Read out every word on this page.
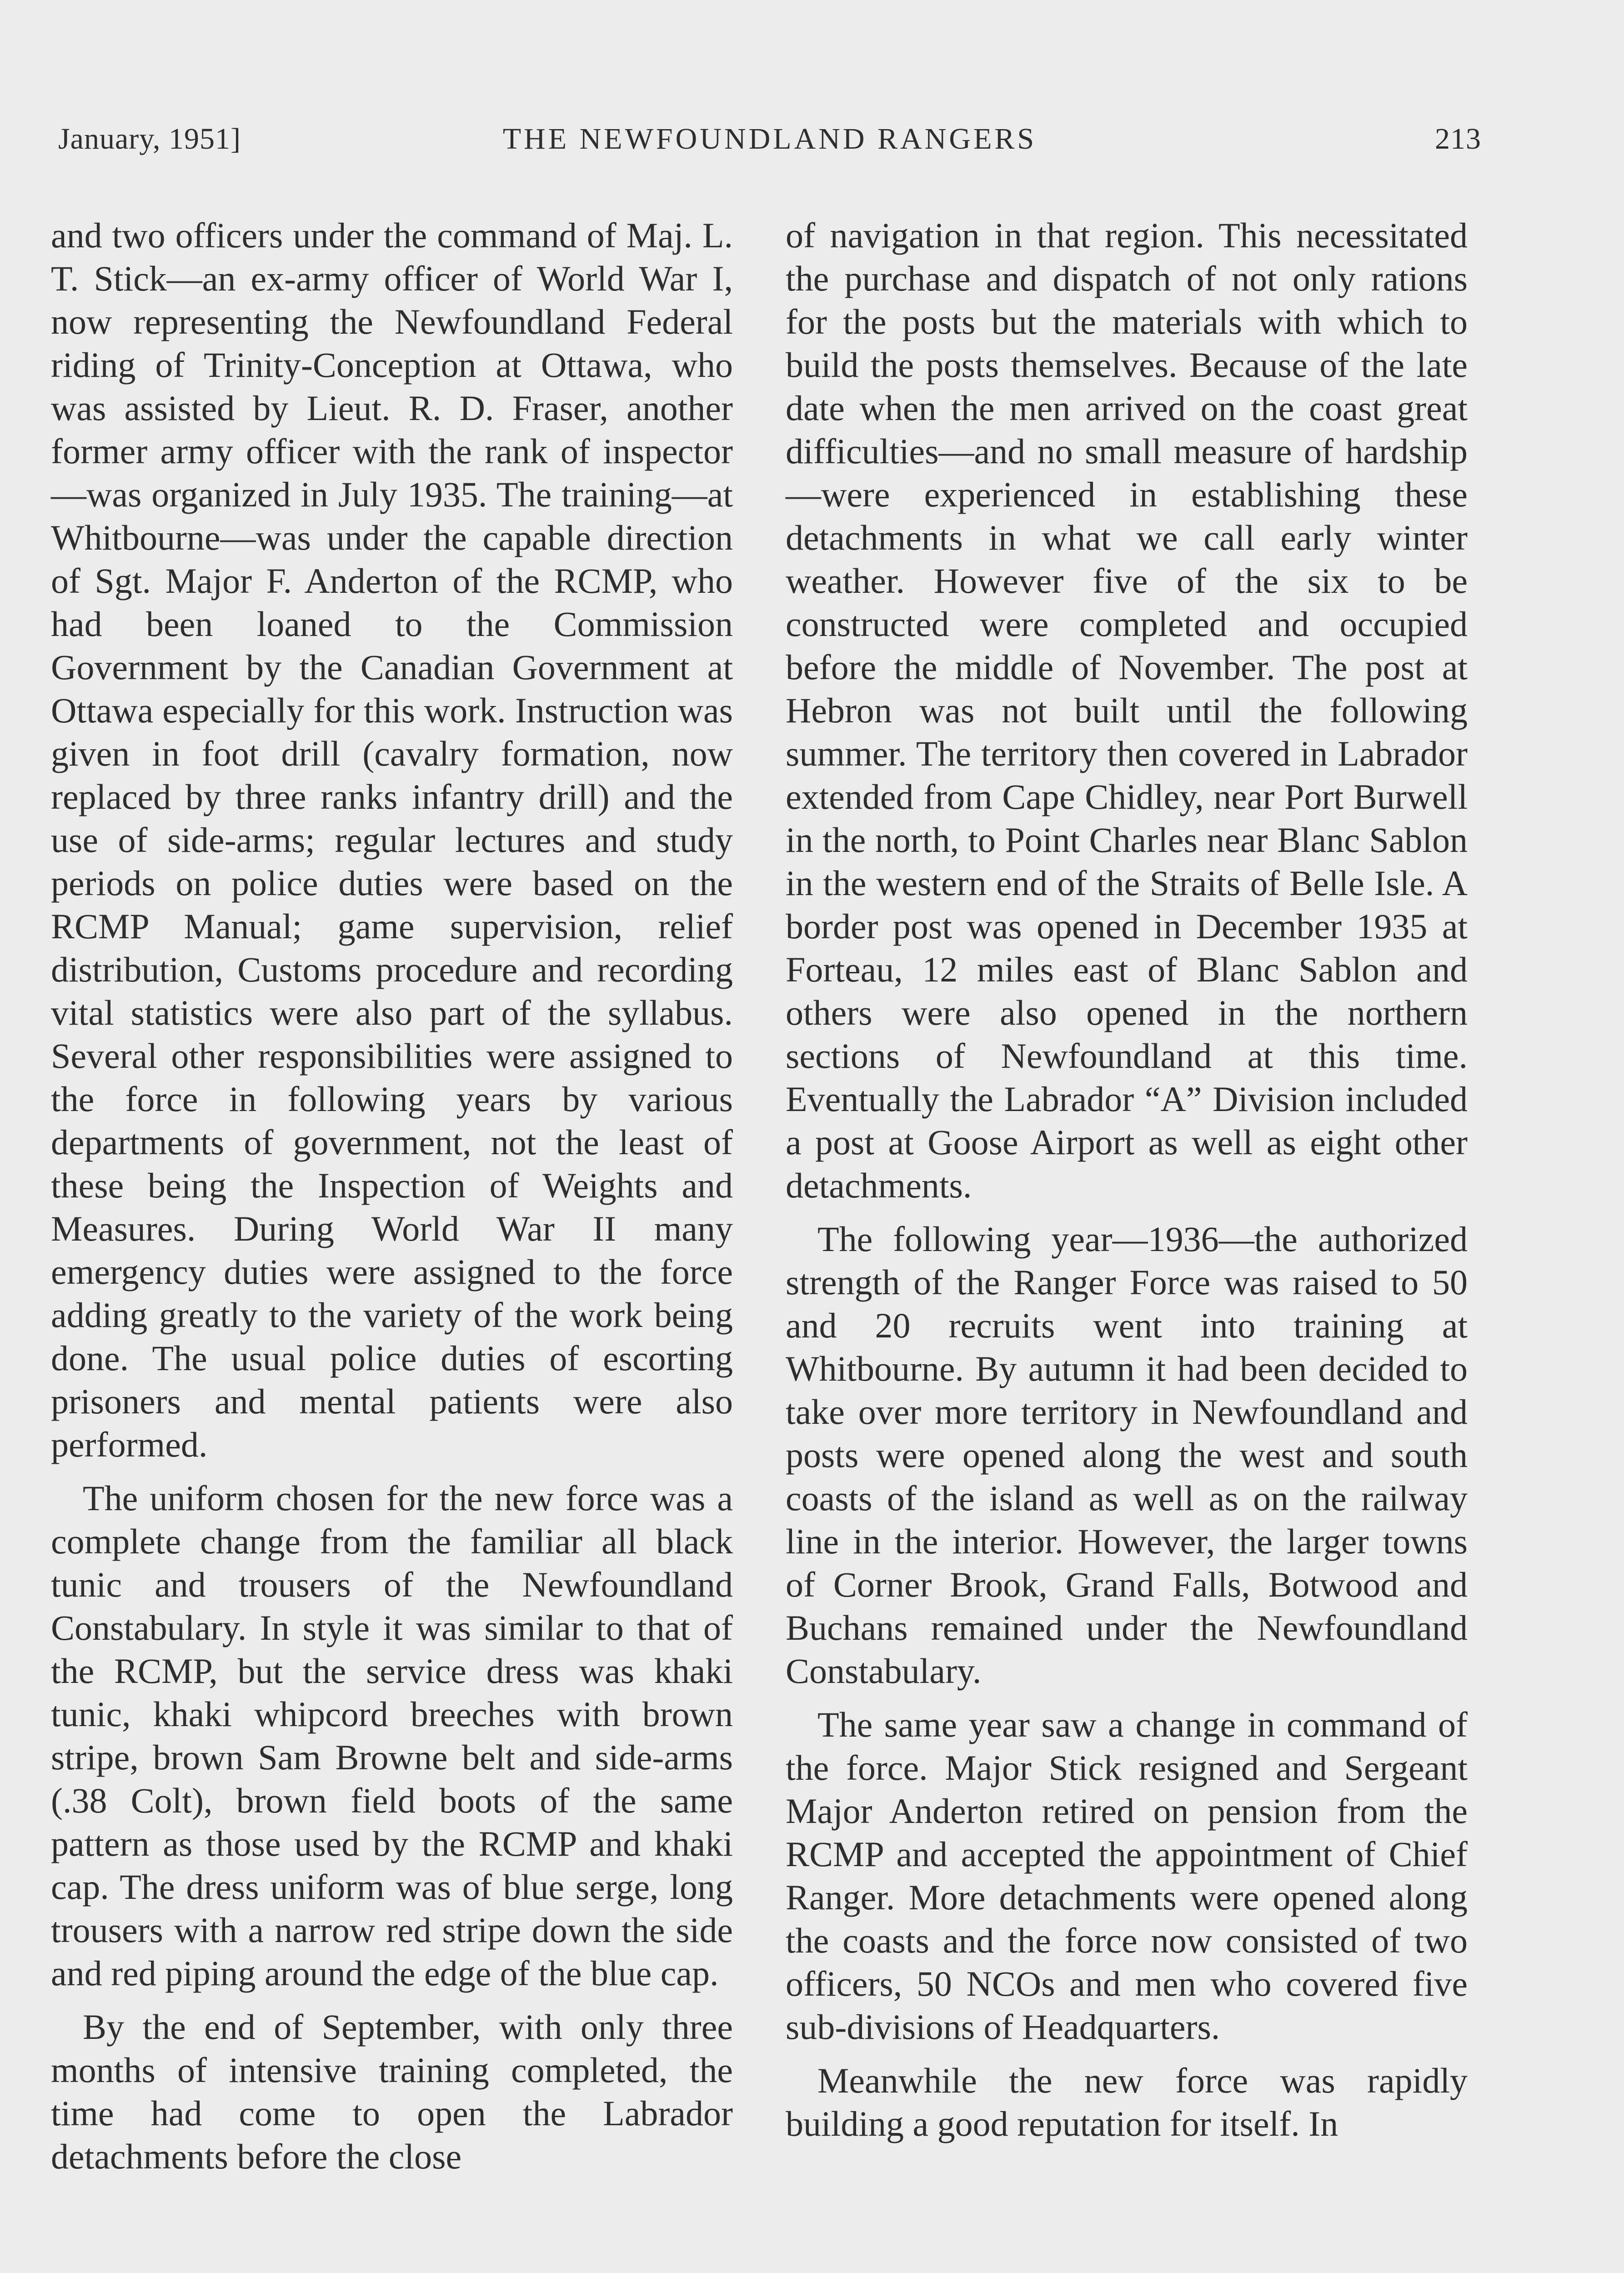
January, 1951]	THE NEWFOUNDLAND RANGERS	213

and two officers under the command of Maj. L. T. Stick—an ex-army officer of World War I, now representing the Newfoundland Federal riding of Trinity-Conception at Ottawa, who was assisted by Lieut. R. D. Fraser, another former army officer with the rank of inspector —was organized in July 1935. The training—at Whitbourne—was under the capable direction of Sgt. Major F. Anderton of the RCMP, who had been loaned to the Commission Government by the Canadian Government at Ottawa especially for this work. Instruction was given in foot drill (cavalry formation, now replaced by three ranks infantry drill) and the use of side-arms; regular lectures and study periods on police duties were based on the RCMP Manual; game supervision, relief distribution, Customs procedure and recording vital statistics were also part of the syllabus. Several other responsibilities were assigned to the force in following years by various departments of government, not the least of these being the Inspection of Weights and Measures. During World War II many emergency duties were assigned to the force adding greatly to the variety of the work being done. The usual police duties of escorting prisoners and mental patients were also performed.

The uniform chosen for the new force was a complete change from the familiar all black tunic and trousers of the Newfoundland Constabulary. In style it was similar to that of the RCMP, but the service dress was khaki tunic, khaki whipcord breeches with brown stripe, brown Sam Browne belt and side-arms (.38 Colt), brown field boots of the same pattern as those used by the RCMP and khaki cap. The dress uniform was of blue serge, long trousers with a narrow red stripe down the side and red piping around the edge of the blue cap.

By the end of September, with only three months of intensive training completed, the time had come to open the Labrador detachments before the close

of navigation in that region. This necessitated the purchase and dispatch of not only rations for the posts but the materials with which to build the posts themselves. Because of the late date when the men arrived on the coast great difficulties—and no small measure of hardship —were experienced in establishing these detachments in what we call early winter weather. However five of the six to be constructed were completed and occupied before the middle of November. The post at Hebron was not built until the following summer. The territory then covered in Labrador extended from Cape Chidley, near Port Burwell in the north, to Point Charles near Blanc Sablon in the western end of the Straits of Belle Isle. A border post was opened in December 1935 at Forteau, 12 miles east of Blanc Sablon and others were also opened in the northern sections of Newfoundland at this time. Eventually the Labrador “A” Division included a post at Goose Airport as well as eight other detachments.

The following year—1936—the authorized strength of the Ranger Force was raised to 50 and 20 recruits went into training at Whitbourne. By autumn it had been decided to take over more territory in Newfoundland and posts were opened along the west and south coasts of the island as well as on the railway line in the interior. However, the larger towns of Corner Brook, Grand Falls, Botwood and Buchans remained under the Newfoundland Constabulary.

The same year saw a change in command of the force. Major Stick resigned and Sergeant Major Anderton retired on pension from the RCMP and accepted the appointment of Chief Ranger. More detachments were opened along the coasts and the force now consisted of two officers, 50 NCOs and men who covered five sub-divisions of Headquarters.

Meanwhile the new force was rapidly building a good reputation for itself. In
